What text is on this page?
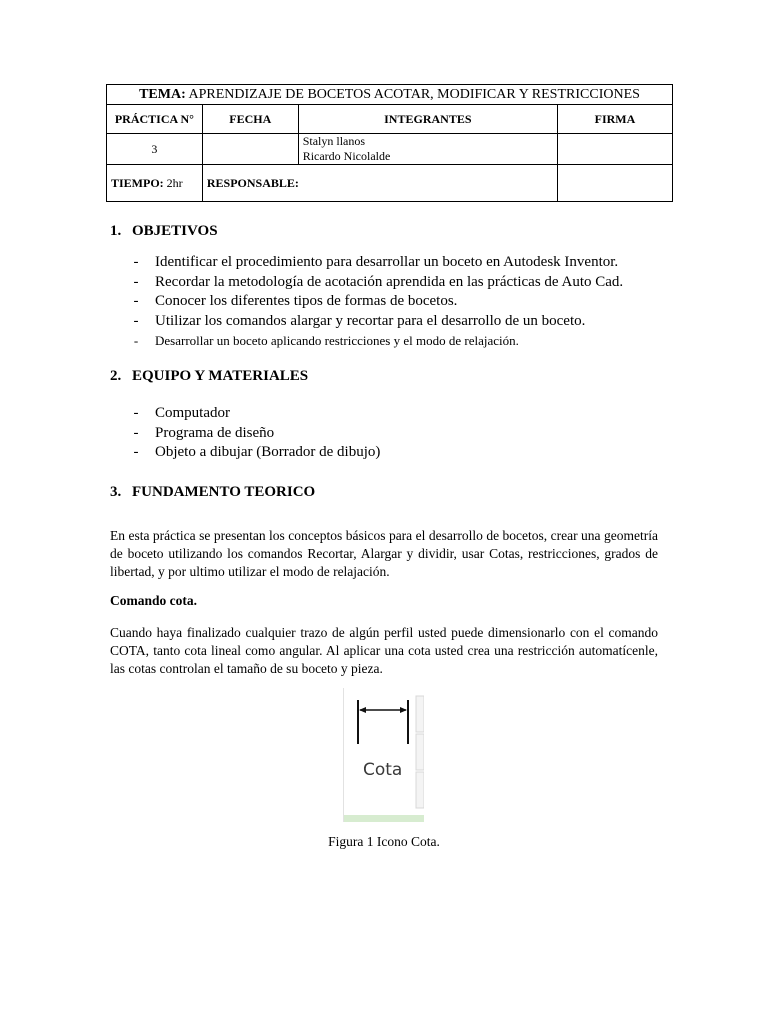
TEMA: APRENDIZAJE DE BOCETOS ACOTAR, MODIFICAR Y RESTRICCIONES			
PRÁCTICA N°	FECHA	INTEGRANTES	FIRMA
3		Stalyn llanos
Ricardo Nicolalde	

TIEMPO: 2hr	RESPONSABLE:		
1. OBJETIVOS
- Identificar el procedimiento para desarrollar un boceto en Autodesk Inventor.
- Recordar la metodología de acotación aprendida en las prácticas de Auto Cad.
- Conocer los diferentes tipos de formas de bocetos.
- Utilizar los comandos alargar y recortar para el desarrollo de un boceto.
- Desarrollar un boceto aplicando restricciones y el modo de relajación.
2. EQUIPO Y MATERIALES
- Computador
- Programa de diseño
- Objeto a dibujar (Borrador de dibujo)
3. FUNDAMENTO TEORICO

En esta práctica se presentan los conceptos básicos para el desarrollo de bocetos, crear una geometría de boceto utilizando los comandos Recortar, Alargar y dividir, usar Cotas, restricciones, grados de libertad, y por ultimo utilizar el modo de relajación.

Comando cota.

Cuando haya finalizado cualquier trazo de algún perfil usted puede dimensionarlo con el comando COTA, tanto cota lineal como angular. Al aplicar una cota usted crea una restricción automatícenle, las cotas controlan el tamaño de su boceto y pieza.

Cota
Figura 1 Icono Cota.
